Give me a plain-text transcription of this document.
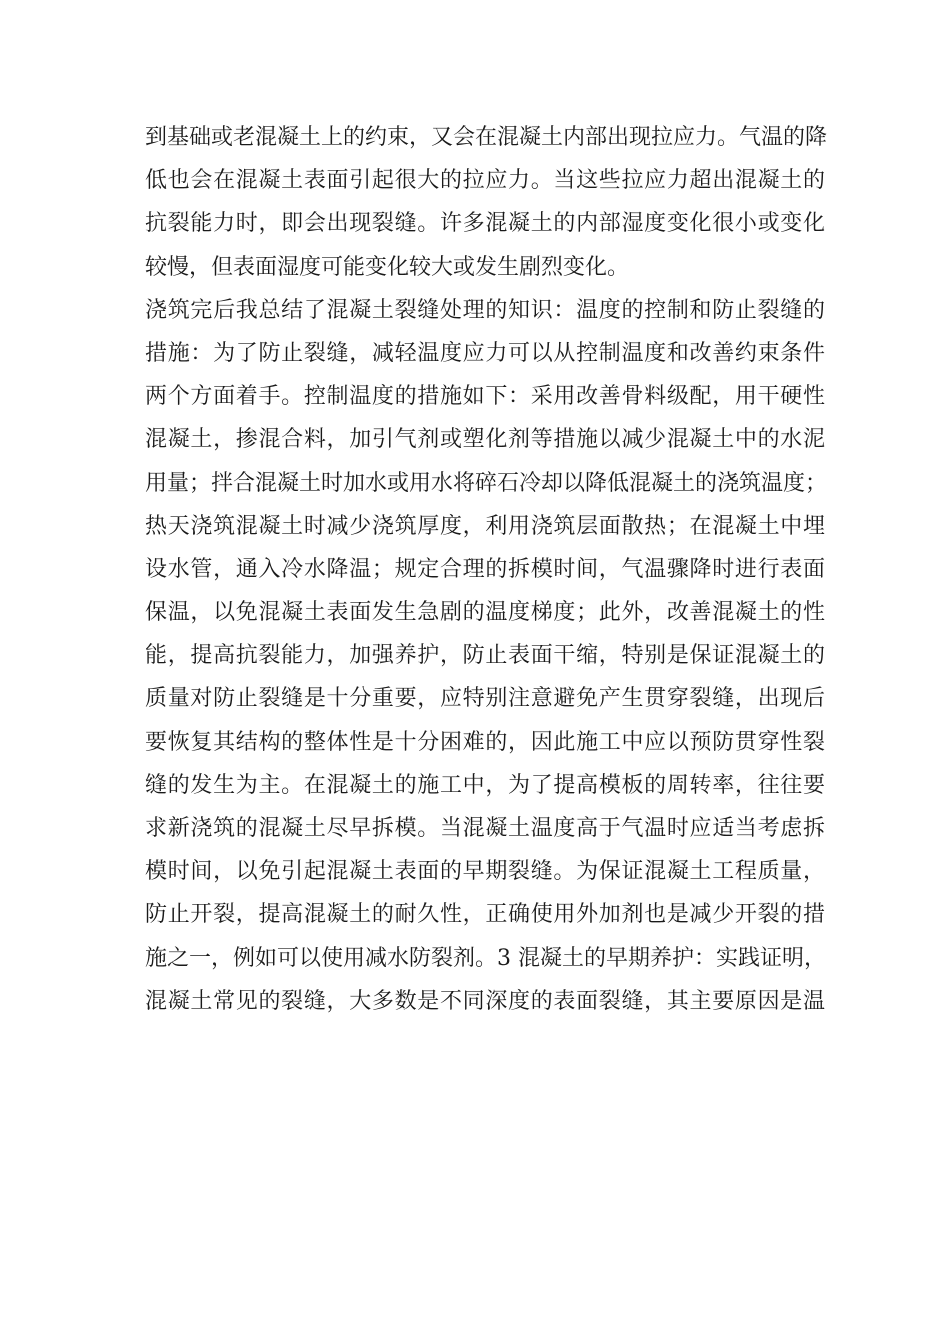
到基础或老混凝土上的约束，又会在混凝土内部出现拉应力。气温的降
低也会在混凝土表面引起很大的拉应力。当这些拉应力超出混凝土的
抗裂能力时，即会出现裂缝。许多混凝土的内部湿度变化很小或变化
较慢，但表面湿度可能变化较大或发生剧烈变化。
浇筑完后我总结了混凝土裂缝处理的知识：温度的控制和防止裂缝的
措施：为了防止裂缝，减轻温度应力可以从控制温度和改善约束条件
两个方面着手。控制温度的措施如下：采用改善骨料级配，用干硬性
混凝土，掺混合料，加引气剂或塑化剂等措施以减少混凝土中的水泥
用量；拌合混凝土时加水或用水将碎石冷却以降低混凝土的浇筑温度；
热天浇筑混凝土时减少浇筑厚度，利用浇筑层面散热；在混凝土中埋
设水管，通入冷水降温；规定合理的拆模时间，气温骤降时进行表面
保温，以免混凝土表面发生急剧的温度梯度；此外，改善混凝土的性
能，提高抗裂能力，加强养护，防止表面干缩，特别是保证混凝土的
质量对防止裂缝是十分重要，应特别注意避免产生贯穿裂缝，出现后
要恢复其结构的整体性是十分困难的，因此施工中应以预防贯穿性裂
缝的发生为主。在混凝土的施工中，为了提高模板的周转率，往往要
求新浇筑的混凝土尽早拆模。当混凝土温度高于气温时应适当考虑拆
模时间，以免引起混凝土表面的早期裂缝。为保证混凝土工程质量，
防止开裂，提高混凝土的耐久性，正确使用外加剂也是减少开裂的措
施之一，例如可以使用减水防裂剂。3 混凝土的早期养护：实践证明，
混凝土常见的裂缝，大多数是不同深度的表面裂缝，其主要原因是温
